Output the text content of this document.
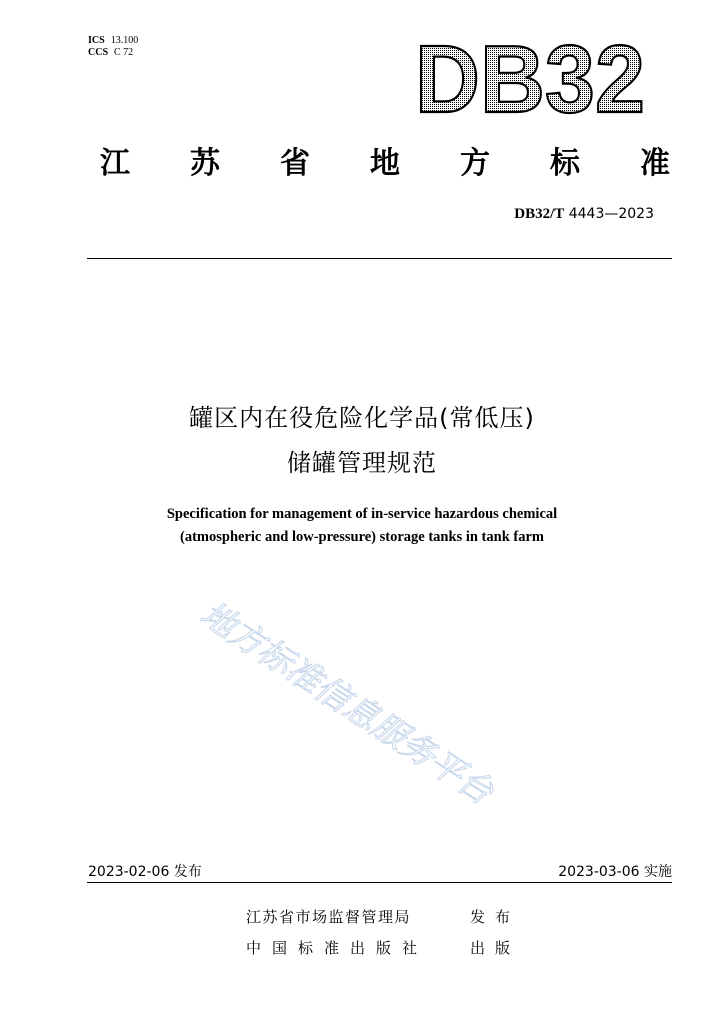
ICS 13.100
CCS C 72	DB32
江 苏 省 地 方 标 准
DB32/T 4443—2023
罐区内在役危险化学品(常低压)
储罐管理规范
Specification for management of in-service hazardous chemical
(atmospheric and low-pressure) storage tanks in tank farm
地方标准信息服务平台
2023-02-06 发布	2023-03-06 实施
江苏省市场监督管理局	发布
中国标准出版社	出版
